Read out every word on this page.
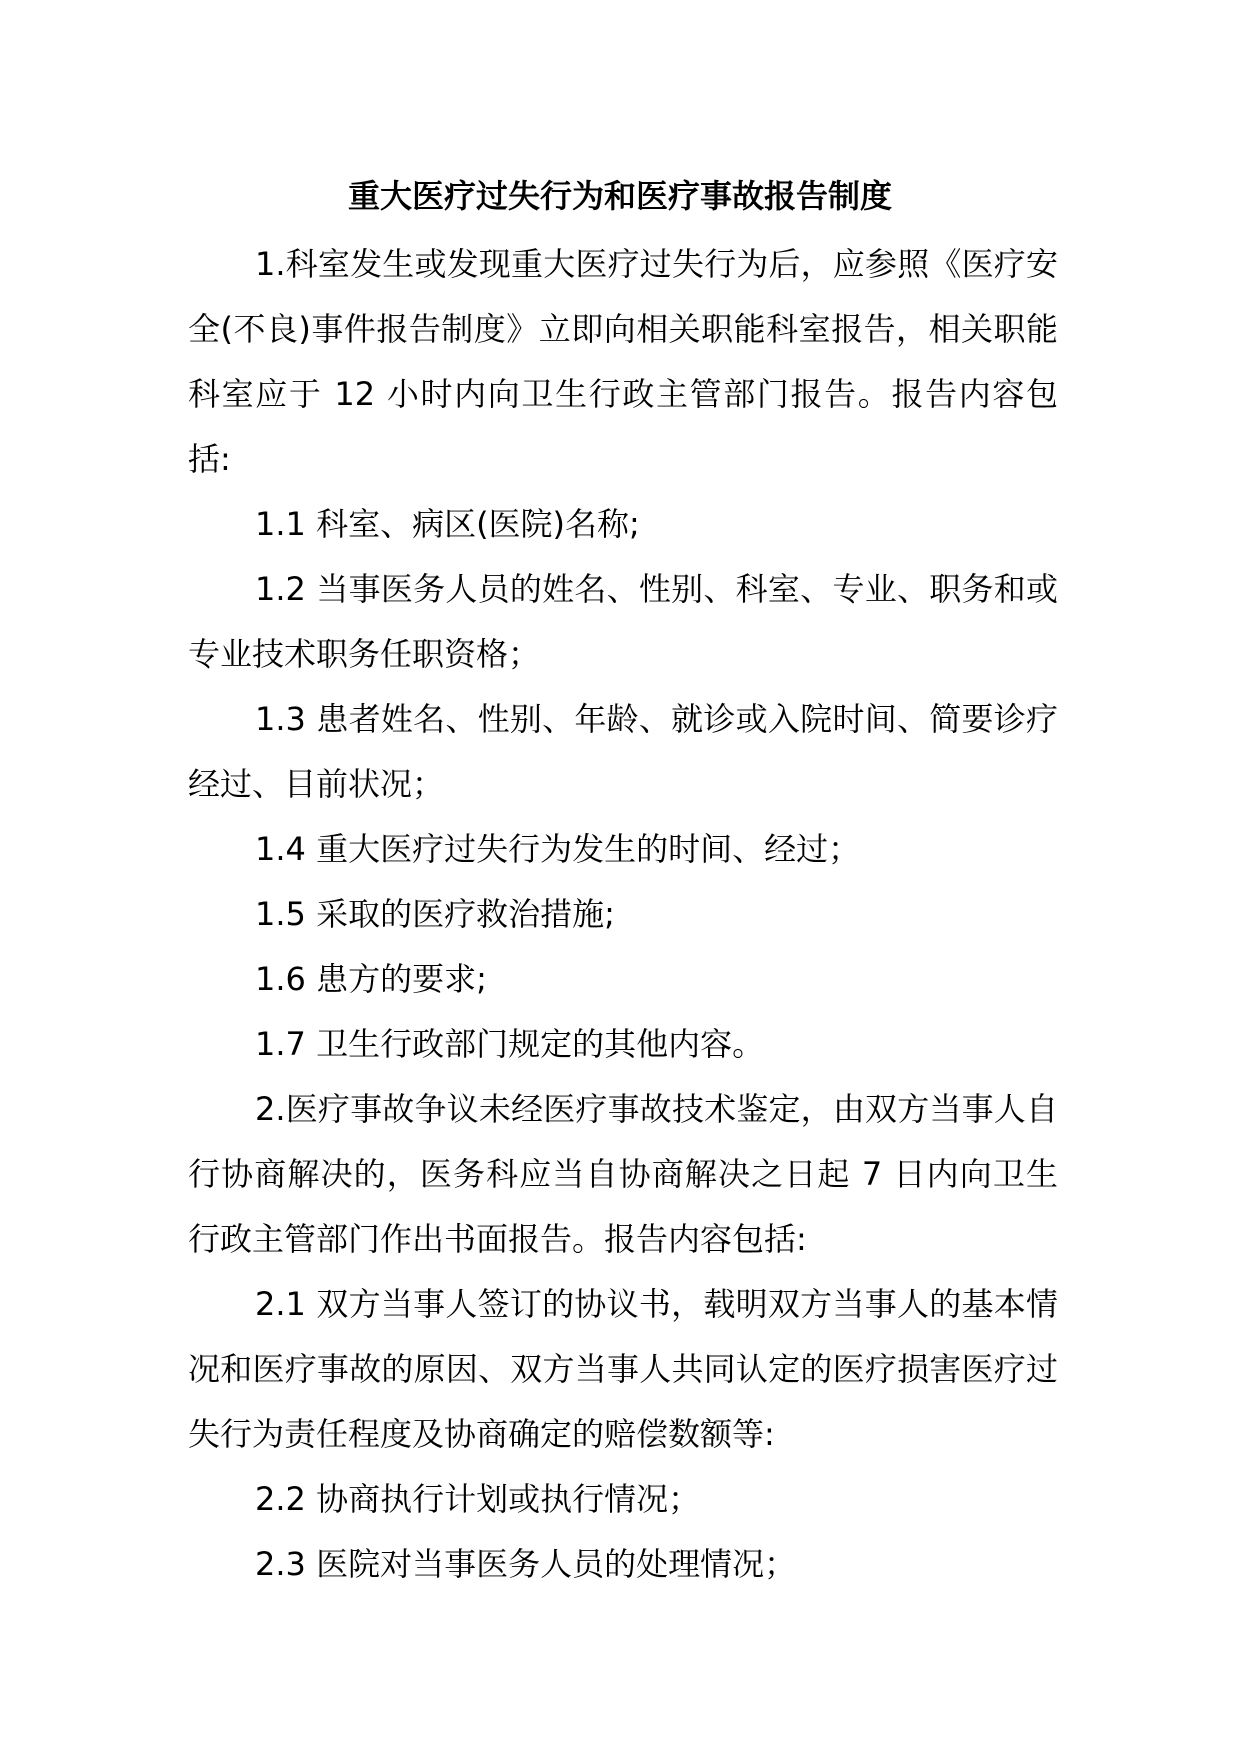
重大医疗过失行为和医疗事故报告制度

1.科室发生或发现重大医疗过失行为后，应参照《医疗安全(不良)事件报告制度》立即向相关职能科室报告，相关职能科室应于 12 小时内向卫生行政主管部门报告。报告内容包括:

1.1 科室、病区(医院)名称;

1.2 当事医务人员的姓名、性别、科室、专业、职务和或专业技术职务任职资格；

1.3 患者姓名、性别、年龄、就诊或入院时间、简要诊疗经过、目前状况；

1.4 重大医疗过失行为发生的时间、经过；

1.5 采取的医疗救治措施;

1.6 患方的要求;

1.7 卫生行政部门规定的其他内容。

2.医疗事故争议未经医疗事故技术鉴定，由双方当事人自行协商解决的，医务科应当自协商解决之日起 7 日内向卫生行政主管部门作出书面报告。报告内容包括:

2.1 双方当事人签订的协议书，载明双方当事人的基本情况和医疗事故的原因、双方当事人共同认定的医疗损害医疗过失行为责任程度及协商确定的赔偿数额等:

2.2 协商执行计划或执行情况；

2.3 医院对当事医务人员的处理情况；
